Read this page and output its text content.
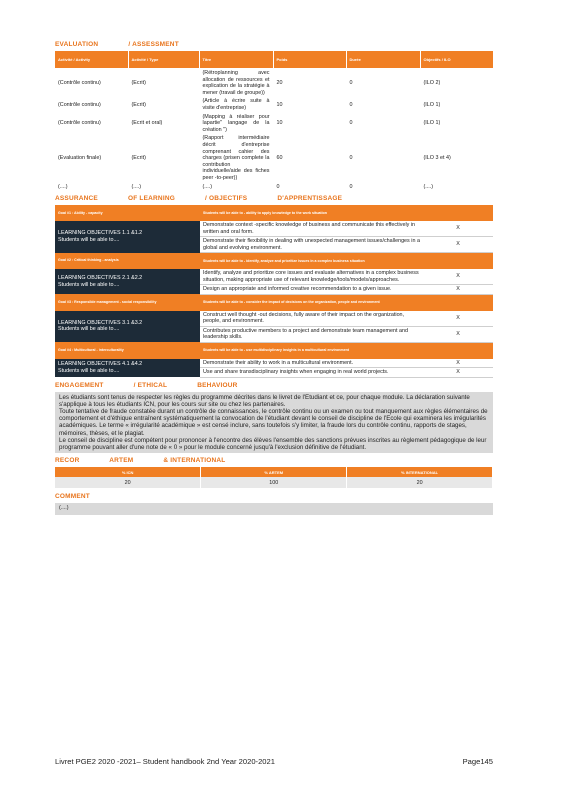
EVALUATION	/ ASSESSMENT
Activité / Activity	Activité / Type	Titre	Poids	Durée	Objectifs / ILO
(Contrôle continu)	(Ecrit)	(Rétroplanning avec allocation de ressources et explication de la stratégie à mener (travail de groupe))	20	0	(ILO 2)
(Contrôle continu)	(Ecrit)	(Article à écrire suite à visite d'entreprise)	10	0	(ILO 1)
(Contrôle continu)	(Ecrit et oral)	(Mapping à réaliser pour lapartie" langage de la création ")	10	0	(ILO 1)
(Evaluation finale)	(Ecrit)	(Rapport intermédiaire décrit d'entreprise comprenant cahier des charges (prisen complete la contribution individuelle/aide des fiches peer -to-peer))	60	0	(ILO 3 et 4)
(....)	(....)	(....)	0	0	(....)
ASSURANCE	OF LEARNING	/ OBJECTIFS	D'APPRENTISSAGE
Goal #1 : Ability - capacity	Students will be able to - ability to apply knowledge to the work situation	

LEARNING OBJECTIVES 1.1 &1.2
Students will be able to....	Demonstrate context -specific knowledge of business and communicate this effectively in written and oral form.	X
	Demonstrate their flexibility in dealing with unexpected management issues/challenges in a global and evolving environment.	X
Goal #2 : Critical thinking - analysis	Students will be able to - identify, analyze and prioritize issues in a complex business situation	

LEARNING OBJECTIVES 2.1 &2.2
Students will be able to....	Identify, analyze and prioritize core issues and evaluate alternatives in a complex business situation, making appropriate use of relevant knowledge/tools/models/approaches.	X
	Design an appropriate and informed creative recommendation to a given issue.	X
Goal #3 : Responsible management - social responsibility	Students will be able to - consider the impact of decisions on the organization, people and environment	

LEARNING OBJECTIVES 3.1 &3.2
Students will be able to....	Construct well thought -out decisions, fully aware of their impact on the organization, people, and environment.	X
	Contributes productive members to a project and demonstrate team management and leadership skills.	X
Goal #4 : Multicultural - interculturality	Students will be able to - use multidisciplinary insights in a multicultural environment	

LEARNING OBJECTIVES 4.1 &4.2
Students will be able to....	Demonstrate their ability to work in a multicultural environment.	X
	Use and share transdisciplinary insights when engaging in real world projects.	X
ENGAGEMENT	/ ETHICAL	BEHAVIOUR

Les étudiants sont tenus de respecter les règles du programme décrites dans le livret de l'Etudiant et ce, pour chaque module. La déclaration suivante s'applique à tous les étudiants ICN, pour les cours sur site ou chez les partenaires.

Toute tentative de fraude constatée durant un contrôle de connaissances, le contrôle continu ou un examen ou tout manquement aux règles élémentaires de comportement et d'éthique entraînent systématiquement la convocation de l'étudiant devant le conseil de discipline de l'Ecole qui examinera les irrégularités académiques. Le terme « irrégularité académique » est censé inclure, sans toutefois s'y limiter, la fraude lors du contrôle continu, rapports de stages, mémoires, thèses, et le plagiat.

Le conseil de discipline est compétent pour prononcer à l'encontre des élèves l'ensemble des sanctions prévues inscrites au règlement pédagogique de leur programme pouvant aller d'une note de « 0 » pour le module concerné jusqu'à l'exclusion définitive de l'étudiant.

RECOR	ARTEM	& INTERNATIONAL
% ICN	% ARTEM	% INTERNATIONAL
20	100	20
COMMENT
(....)
Livret PGE2 2020 -2021– Student handbook 2nd Year 2020-2021	Page145
